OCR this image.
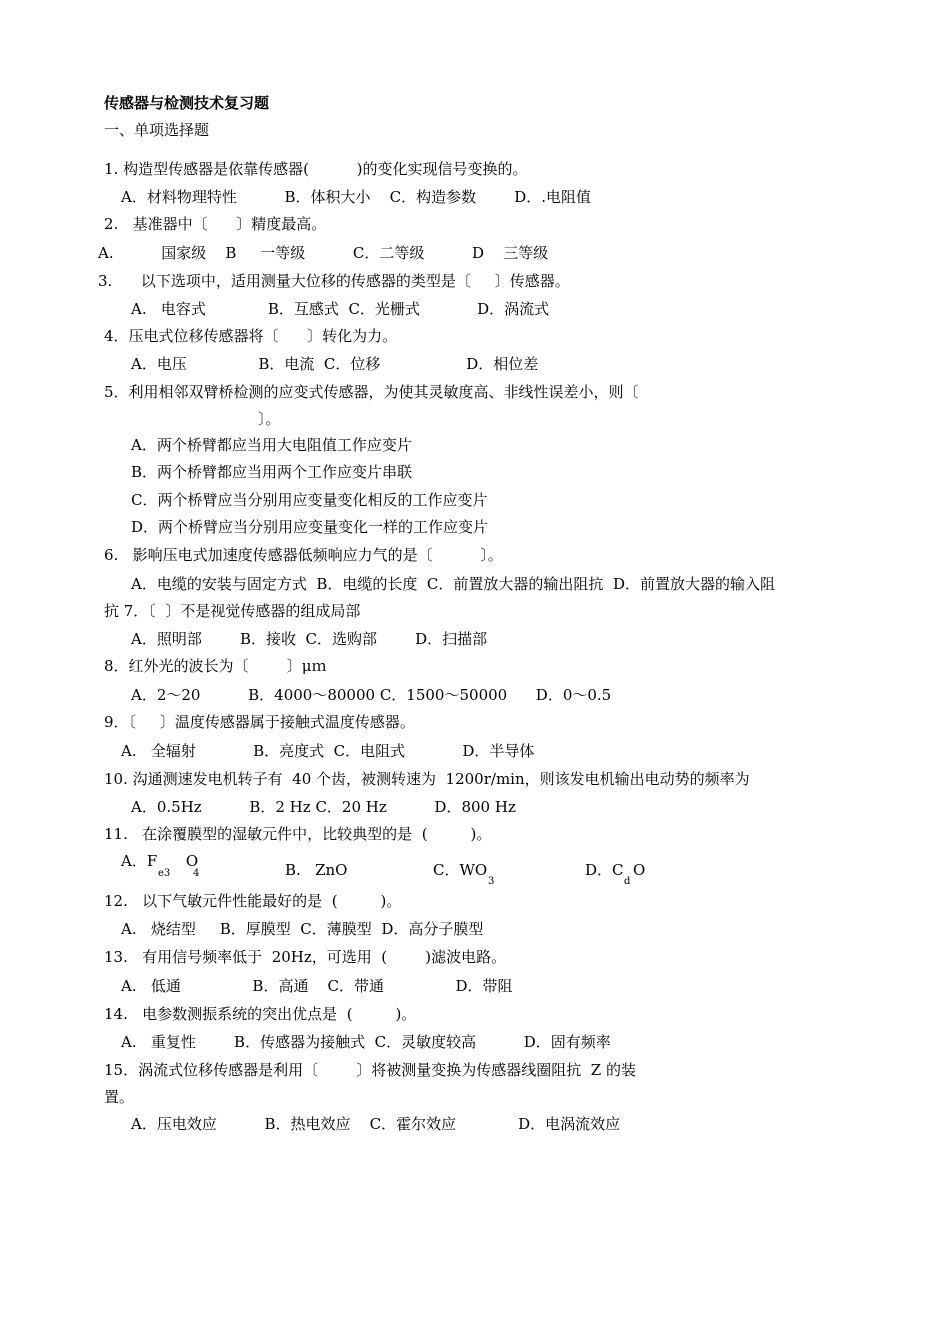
传感器与检测技术复习题
一、单项选择题
1. 构造型传感器是依靠传感器(          )的变化实现信号变换的。
A．材料物理特性          B．体积大小    C．构造参数        D．.电阻值
2.   基准器中〔      〕精度最高。
A.          国家级    B     一等级          C．二等级          D    三等级
3.      以下选项中，适用测量大位移的传感器的类型是〔     〕传感器。
A.   电容式             B．互感式  C．光栅式            D．涡流式
4．压电式位移传感器将〔      〕转化为力。
A．电压               B．电流  C．位移                  D．相位差
5．利用相邻双臂桥检测的应变式传感器，为使其灵敏度高、非线性误差小，则〔
〕。
A．两个桥臂都应当用大电阻值工作应变片
B．两个桥臂都应当用两个工作应变片串联
C．两个桥臂应当分别用应变量变化相反的工作应变片
D．两个桥臂应当分别用应变量变化一样的工作应变片
6.   影响压电式加速度传感器低频响应力气的是〔          〕。
A．电缆的安装与固定方式  B．电缆的长度  C．前置放大器的输出阻抗  D．前置放大器的输入阻
抗 7．〔  〕不是视觉传感器的组成局部
A．照明部        B．接收  C．选购部        D．扫描部
8．红外光的波长为〔        〕μｍ
A．2～20          B．4000～80000 C．1500～50000      D．0～0.5
9．〔     〕温度传感器属于接触式温度传感器。
A.   全辐射            B．亮度式  C．电阻式            D．半导体
10. 沟通测速发电机转子有  40 个齿，被测转速为  1200r/min，则该发电机输出电动势的频率为
A．0.5Hz          B．2 Hz C．20 Hz          D．800 Hz
11.   在涂覆膜型的湿敏元件中，比较典型的是  (         )。
A．F      O
e3 4	B.   ZnO	C．WO
3
D．C  O
d
12.   以下气敏元件性能最好的是  (         )。
A.   烧结型     B．厚膜型  C．薄膜型  D．高分子膜型
13.   有用信号频率低于  20Hz，可选用  (        )滤波电路。
A.   低通               B．高通    C．带通               D．带阻
14.   电参数测振系统的突出优点是  (         )。
A.   重复性        B．传感器为接触式  C．灵敏度较高          D．固有频率
15．涡流式位移传感器是利用〔        〕将被测量变换为传感器线圈阻抗  Z 的装
置。
A．压电效应          B．热电效应    C．霍尔效应             D．电涡流效应
